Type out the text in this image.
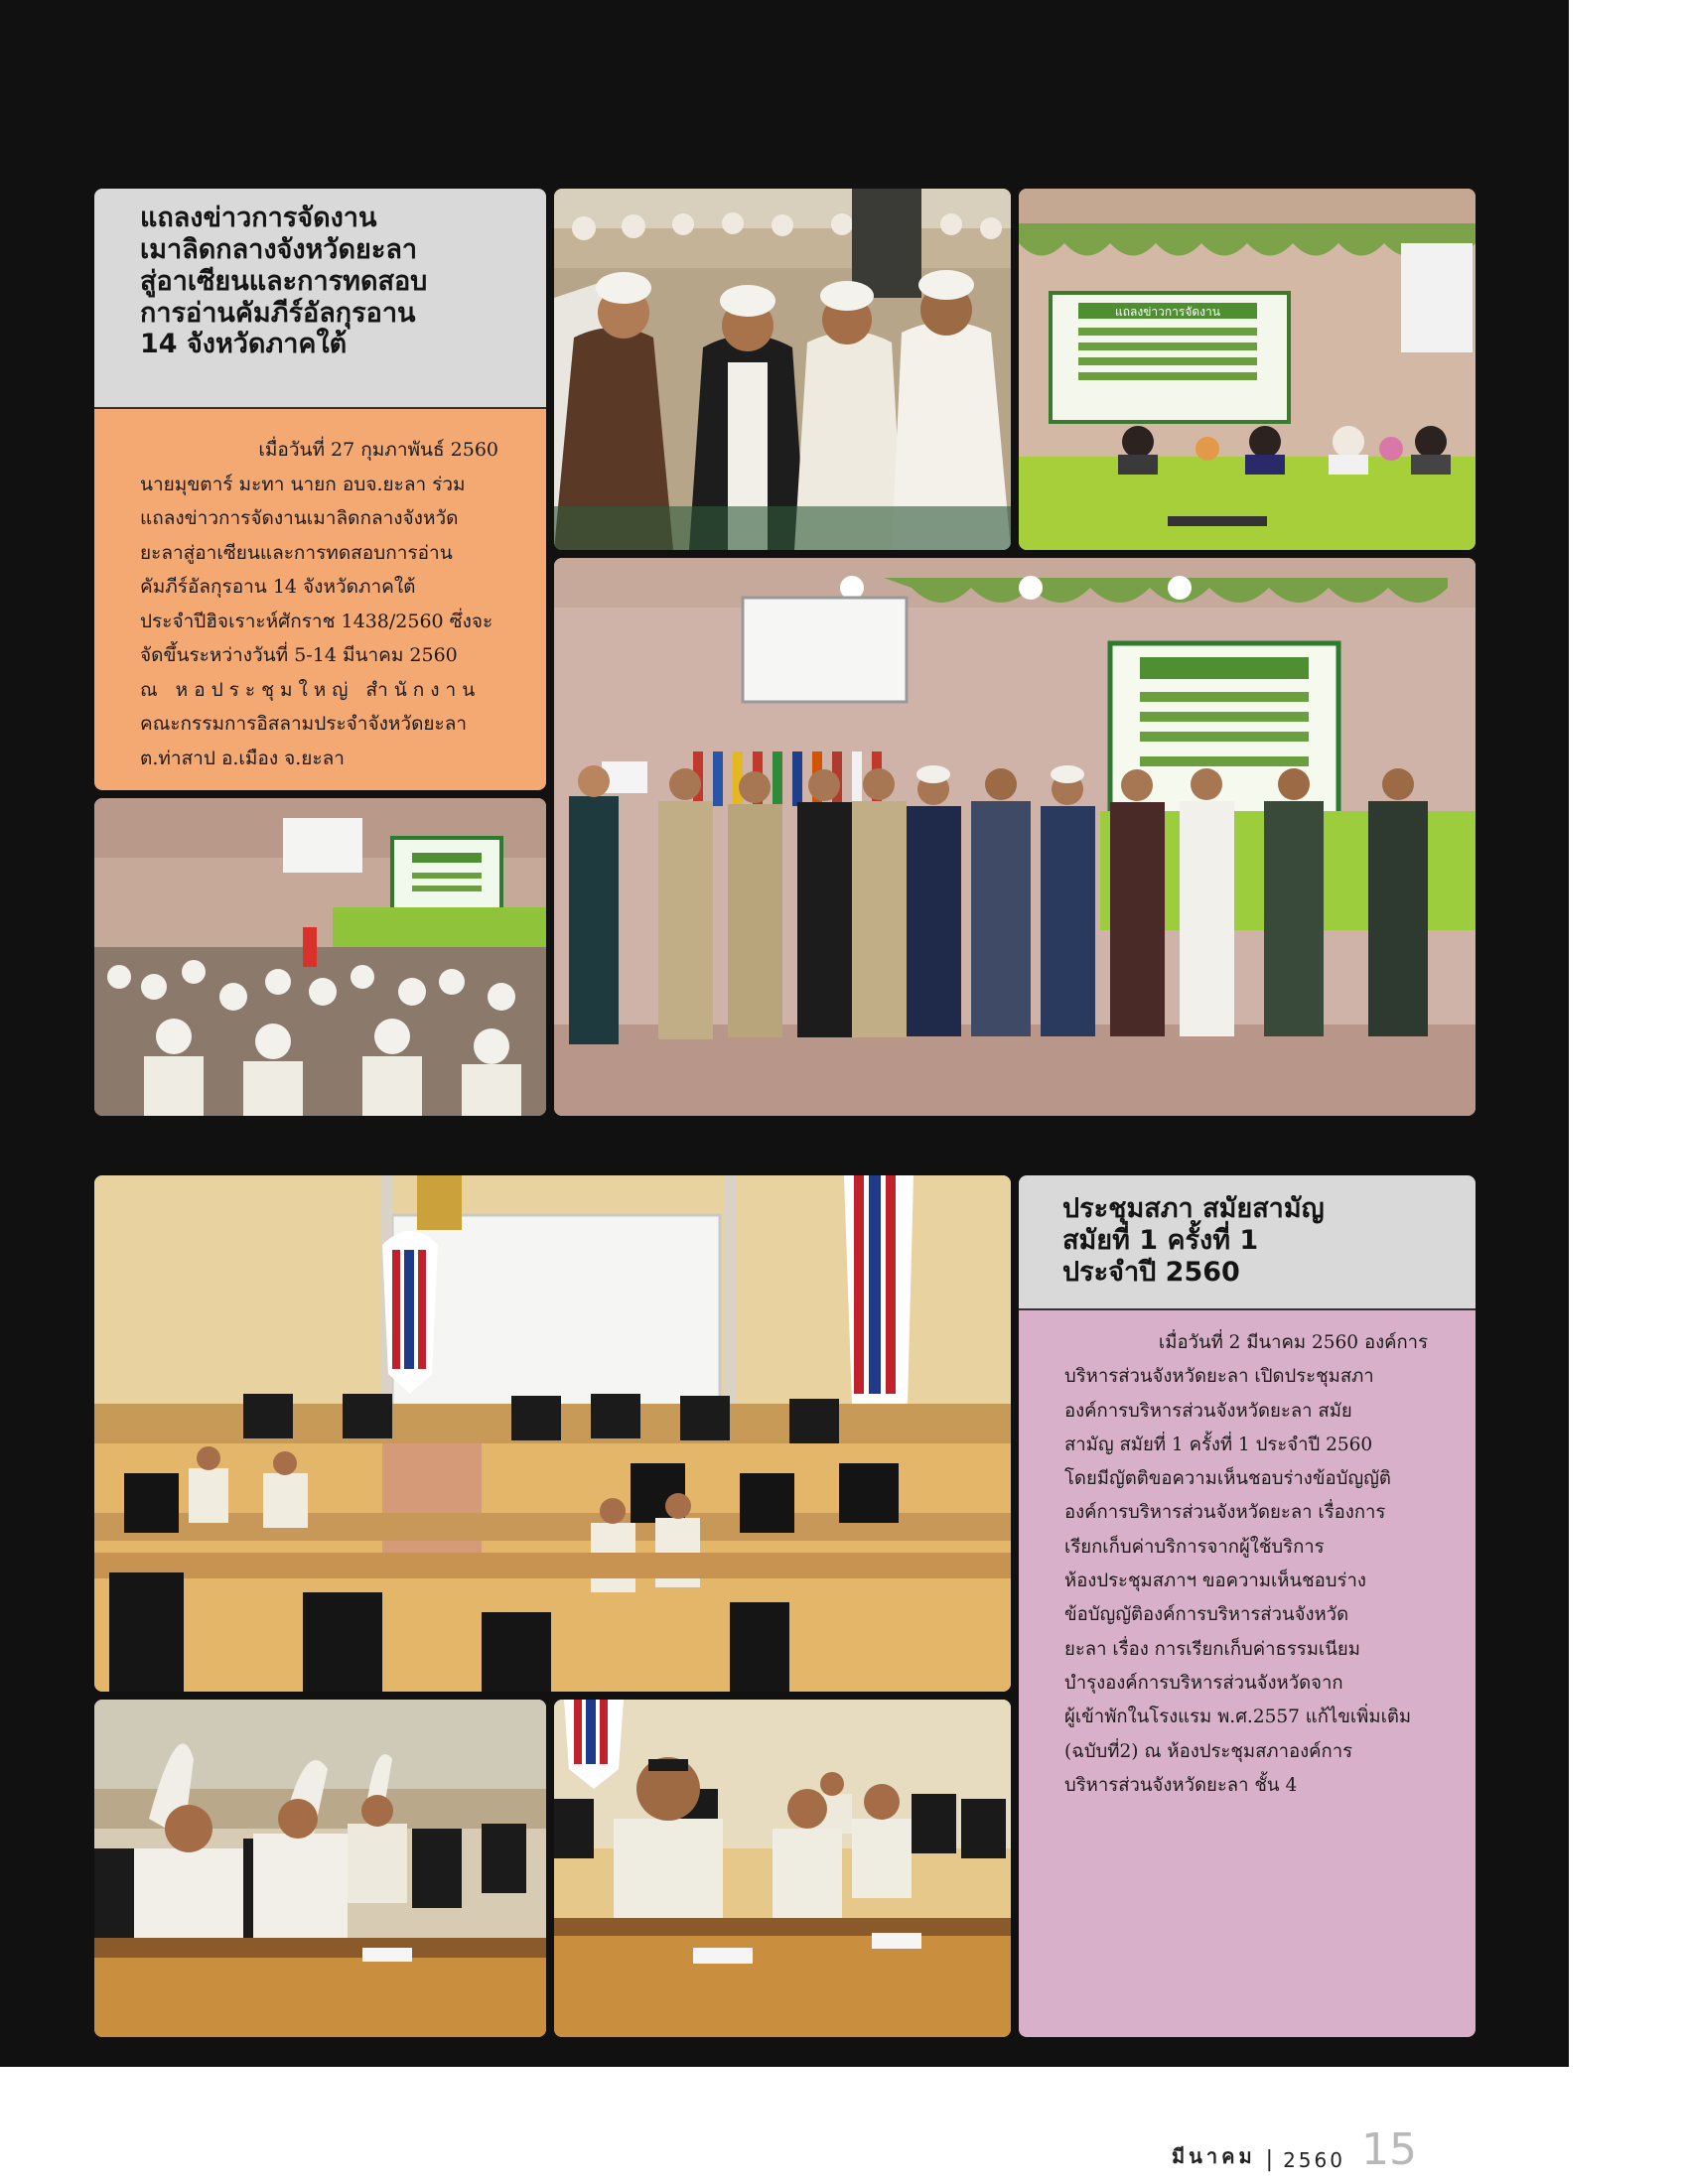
แถลงข่าวการจัดงาน
เมาลิดกลางจังหวัดยะลา
สู่อาเซียนและการทดสอบ
การอ่านคัมภีร์อัลกุรอาน
14 จังหวัดภาคใต้

เมื่อวันที่ 27 กุมภาพันธ์ 2560

นายมุขตาร์ มะทา นายก อบจ.ยะลา ร่วม

แถลงข่าวการจัดงานเมาลิดกลางจังหวัด

ยะลาสู่อาเซียนและการทดสอบการอ่าน

คัมภีร์อัลกุรอาน 14 จังหวัดภาคใต้

ประจำปีฮิจเราะห์ศักราช 1438/2560 ซึ่งจะ

จัดขึ้นระหว่างวันที่ 5-14 มีนาคม 2560

ณ หอประชุมใหญ่ สำนักงาน

คณะกรรมการอิสลามประจำจังหวัดยะลา

ต.ท่าสาป อ.เมือง จ.ยะลา

แถลงข่าวการจัดงาน
ประชุมสภา สมัยสามัญ
สมัยที่ 1 ครั้งที่ 1
ประจำปี 2560

เมื่อวันที่ 2 มีนาคม 2560 องค์การ

บริหารส่วนจังหวัดยะลา เปิดประชุมสภา

องค์การบริหารส่วนจังหวัดยะลา สมัย

สามัญ สมัยที่ 1 ครั้งที่ 1 ประจำปี 2560

โดยมีญัตติขอความเห็นชอบร่างข้อบัญญัติ

องค์การบริหารส่วนจังหวัดยะลา เรื่องการ

เรียกเก็บค่าบริการจากผู้ใช้บริการ

ห้องประชุมสภาฯ ขอความเห็นชอบร่าง

ข้อบัญญัติองค์การบริหารส่วนจังหวัด

ยะลา เรื่อง การเรียกเก็บค่าธรรมเนียม

บำรุงองค์การบริหารส่วนจังหวัดจาก

ผู้เข้าพักในโรงแรม พ.ศ.2557 แก้ไขเพิ่มเติม

(ฉบับที่2) ณ ห้องประชุมสภาองค์การ

บริหารส่วนจังหวัดยะลา ชั้น 4

มีนาคม | 2560 15
